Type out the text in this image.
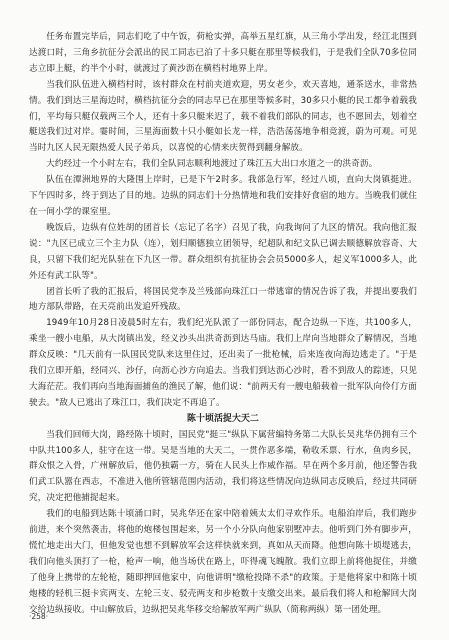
任务布置完毕后，同志们吃了中午饭，荷枪实弹，高举五星红旗，从三角小学出发，经江北围到达渡口时，三角乡抗征分会派出的民工同志已泊了十多只艇在那里等候我们，于是我们全队70多位同志立即上艇，约半个小时，就渡过了黄沙沥在横档村地界上岸。

当我们队伍进入横档村时，该村群众在村前夹道欢迎，男女老少，欢天喜地，通茶送水，非常热情。我们到达三星海边时，横档抗征分会的同志早已在那里等候多时，30多只小艇的民工都争着载我们，平均每只艇仅载两三个人，还有十多只艇来迟了，载不着我们部队的同志，也不愿回去，划着空艇送我们过对岸。霎时间，三星海面数十只小艇如长龙一样，浩浩荡荡地争相竞渡，蔚为可观。可见当时九区人民无限热爱人民子弟兵，以喜悦的心情来庆贺得到翻身解放。

大约经过一个小时左右，我们全队同志顺利地渡过了珠江五大出口水道之一的洪奇沥。

队伍在潭洲地界的大隆围上岸时，已是下午2时多。我部急行军，经过八顷，直向大岗镇挺进。下午四时多，终于到达了目的地。边纵的同志们十分热情地和我们安排好食宿的地方。当晚我们就住在一间小学的课室里。

晚饭后，边纵有位姓胡的团首长（忘记了名字）召见了我，向我询问了九区的情况。我向他汇报说："九区已成立三个主力队（连），划归顺德独立团领导，纪超队和纪文队已调去顺德解放容奇、大良，只留下我们纪光队驻在下九区一带。群众组织有抗征协会会员5000多人，起义军1000多人，此外还有武工队等"。

团首长听了我的汇报后，将国民党李及兰残部向珠江口一带逃窜的情况告诉了我，并提出要我们地方部队带路，在天亮前出发追歼残敌。

1949年10月28日凌晨5时左右，我们纪光队派了一部份同志，配合边纵一下连，共100多人，乘坐一艘小电船，从大岗镇出发，经义沙头出洪奇沥到达马庙。我们上岸向当地群众了解情况，当地群众反映："几天前有一队国民党队来这里住过，还出卖了一批枪械，后来连夜向海边逃走了。"于是我们立即开船，经同兴、沙仔，向沥心沙方向追去。当我们到达沥心沙时，看不到敌人的踪迹，只见大海茫茫。我们再向当地海面捕鱼的渔民了解，他们说："前两天有一艘电船载着一批军队向伶仃方面驶去。"敌人已逃出了珠江口，我们决定不再追了。

陈十顷活捉大天二

当我们回师大岗，路经陈十顷时，国民党"挺三"纵队下属营编特务第二大队长吴兆华仍拥有三个中队共100多人，驻守在这一带。吴是当地的大天二，一贯作恶多端，勒收禾票、行水，鱼肉乡民，群众恨之入骨，广州解放后，他仍独霸一方，骑在人民头上作威作福。早在两个多月前，他还警告我们武工队嚣在西志，不准进入他所管辖范围内活动，我们将这些情况向边纵同志反映后，经过共同研究，决定把他捕捉起来。

我们的电船到达陈十顷涌口时，吴兆华还在家中陪着姨太太们寻欢作乐。电船泊岸后，我们跑步前进，来个突然袭击，将他的炮楼包围起来，另一个小分队向他家别墅冲去。他听到门外有脚步声，慌忙地走出大门，但他发觉也想不到解放军会这样快就来到，真如从天而降。他想向陈十顷堤逃去，我们向他头顶打了一枪，枪声一响，他当场伏在路上，吓得魂飞魄散。我们立即上前将他捉住，并缴了他身上携带的左轮枪，随即押回他家中，向他讲明"缴枪投降不杀"的政策。于是他将家中和陈十顷炮楼的轻机三挺卡宾两支、左轮三支、驳壳两支和步枪数十支缴交出来。最后我们将人和枪解回大岗交给边纵接收。中山解放后，边纵把吴兆华移交给解放军两广纵队（简称两纵）第一团处理。

·258·
